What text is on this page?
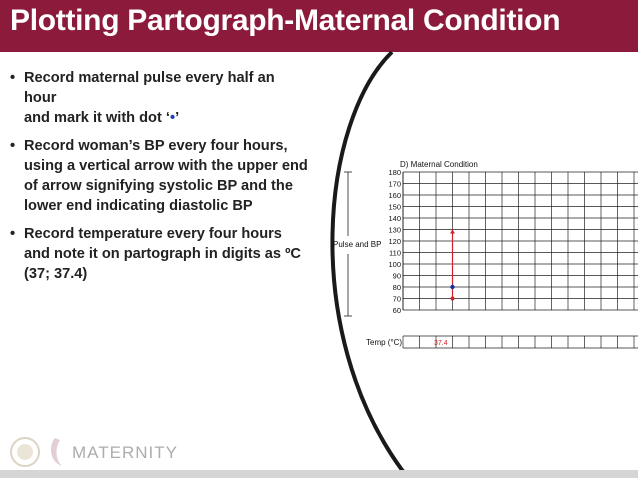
Plotting Partograph-Maternal Condition
• Record maternal pulse every half an hour
and mark it with dot ‘•’
• Record woman’s BP every four hours,
using a vertical arrow with the upper end
of arrow signifying systolic BP and the
lower end indicating diastolic BP
• Record temperature every four hours
and note it on partograph in digits as ºC
(37; 37.4)
D) Maternal Condition
Pulse and BP
180
170
160
150
140
130
120
110
100
90
80
70
60
Temp (°C)	37.4
MATERNITY
